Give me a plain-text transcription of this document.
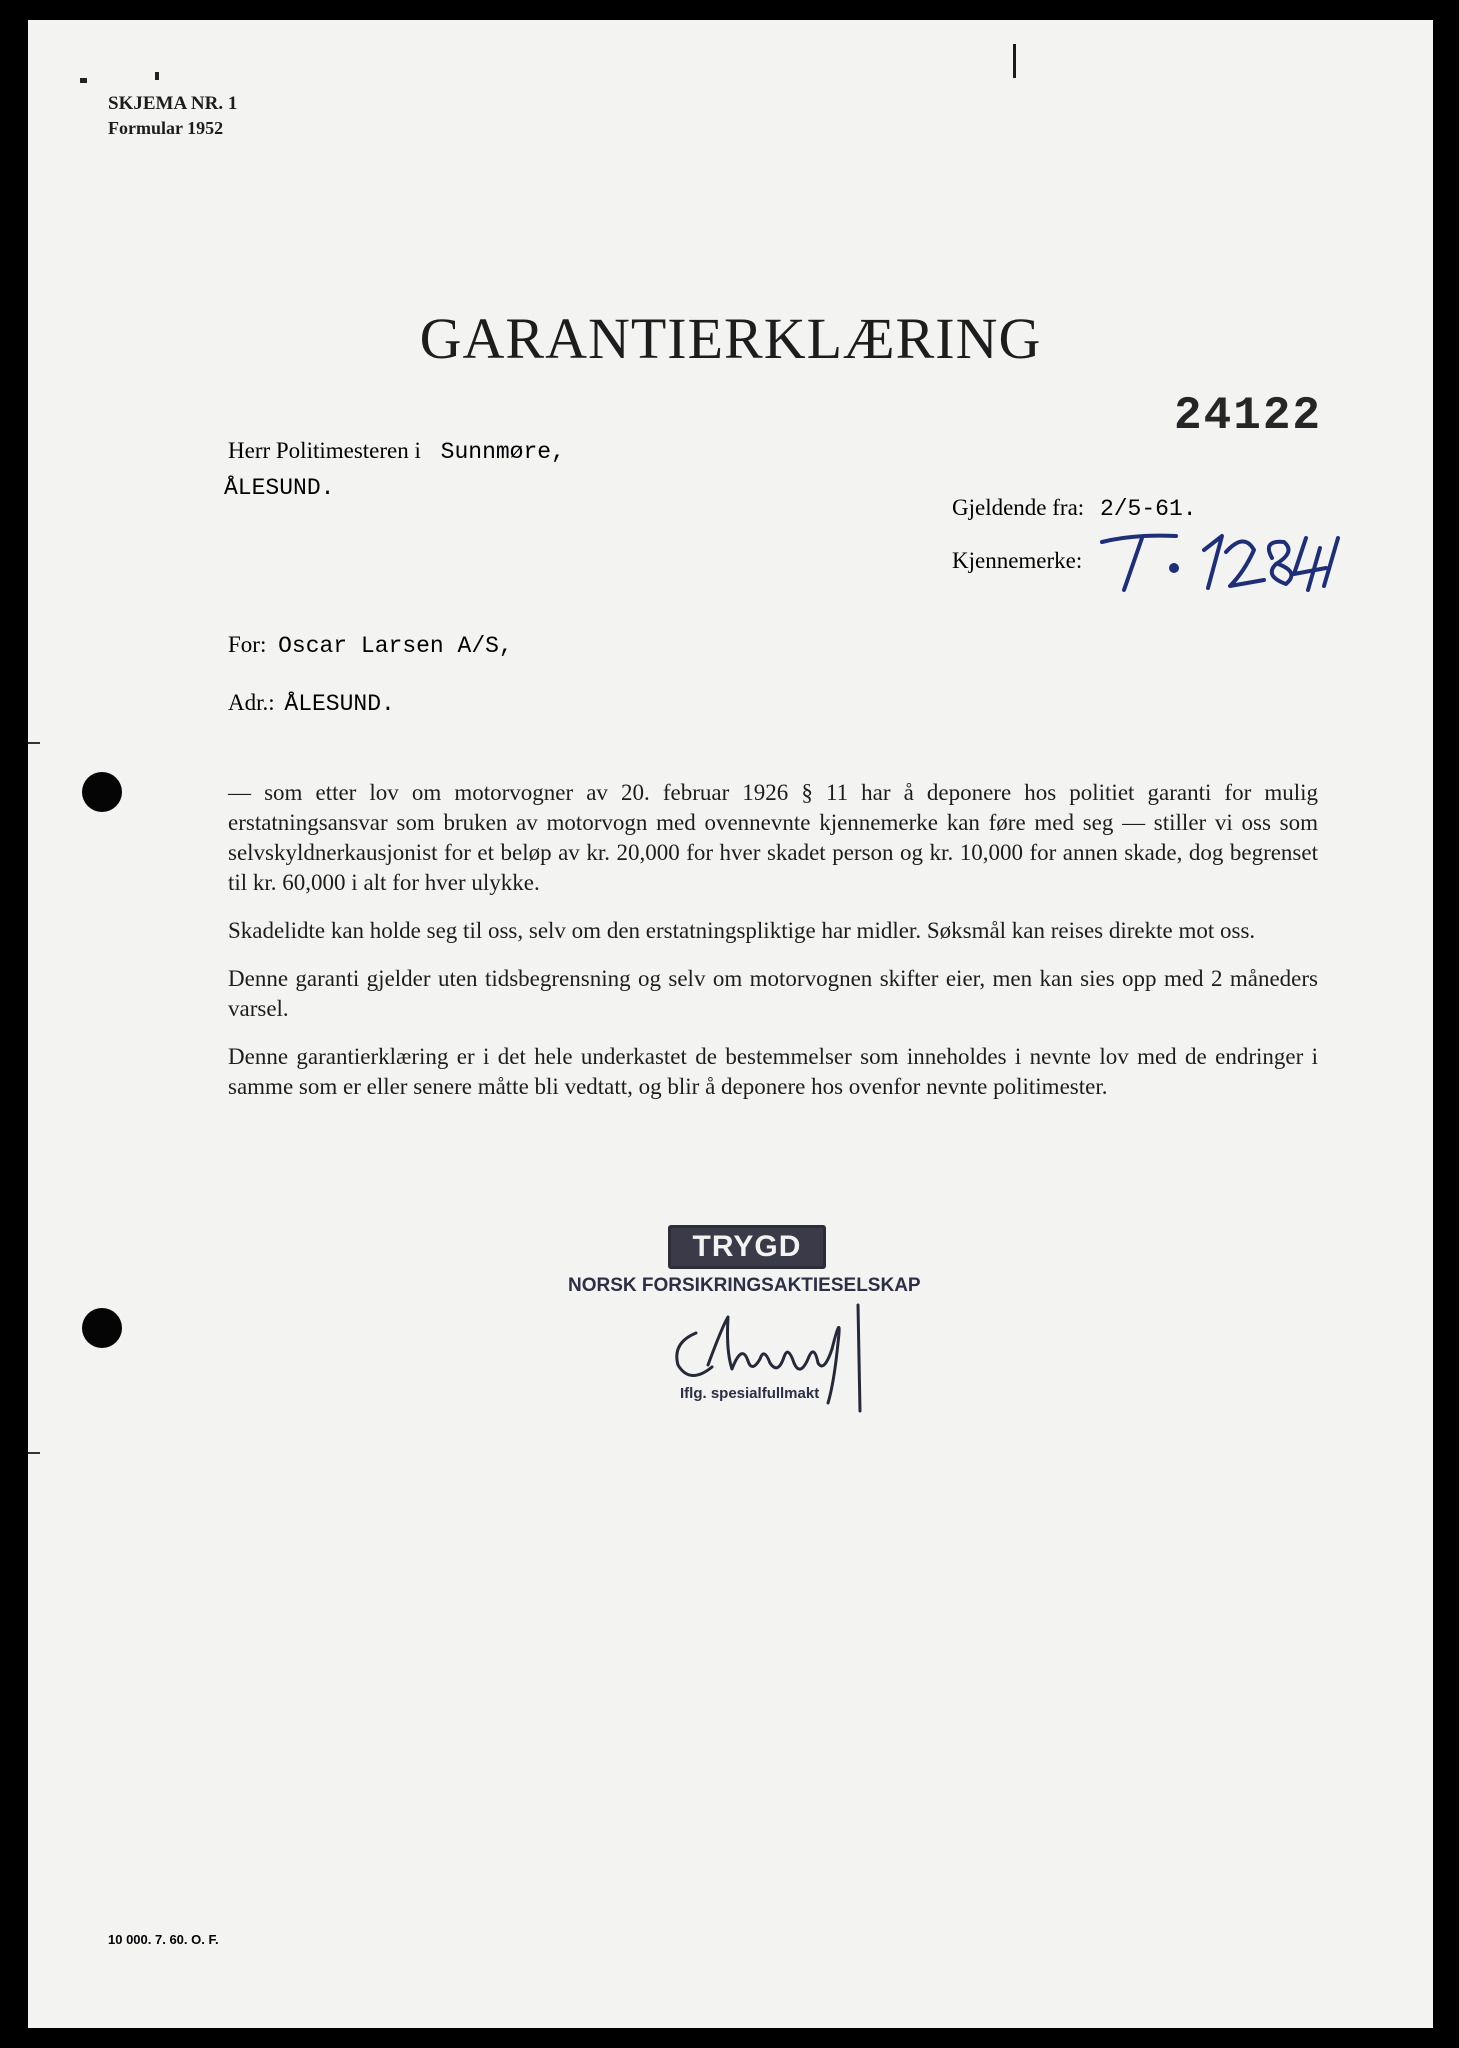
SKJEMA NR. 1
Formular 1952
GARANTIERKLÆRING
24122
Herr Politimesteren i Sunnmøre,
ÅLESUND.
Gjeldende fra: 2/5-61.
Kjennemerke:
For: Oscar Larsen A/S,
Adr.: ÅLESUND.

— som etter lov om motorvogner av 20. februar 1926 § 11 har å deponere hos politiet garanti for mulig erstatningsansvar som bruken av motorvogn med ovennevnte kjennemerke kan føre med seg — stiller vi oss som selvskyldnerkausjonist for et beløp av kr. 20,000 for hver skadet person og kr. 10,000 for annen skade, dog begrenset til kr. 60,000 i alt for hver ulykke.

Skadelidte kan holde seg til oss, selv om den erstatningspliktige har midler. Søksmål kan reises direkte mot oss.

Denne garanti gjelder uten tidsbegrensning og selv om motorvognen skifter eier, men kan sies opp med 2 måneders varsel.

Denne garantierklæring er i det hele underkastet de bestemmelser som inneholdes i nevnte lov med de endringer i samme som er eller senere måtte bli vedtatt, og blir å deponere hos ovenfor nevnte politimester.

TRYGD
NORSK FORSIKRINGSAKTIESELSKAP
Iflg. spesialfullmakt
10 000. 7. 60. O. F.
